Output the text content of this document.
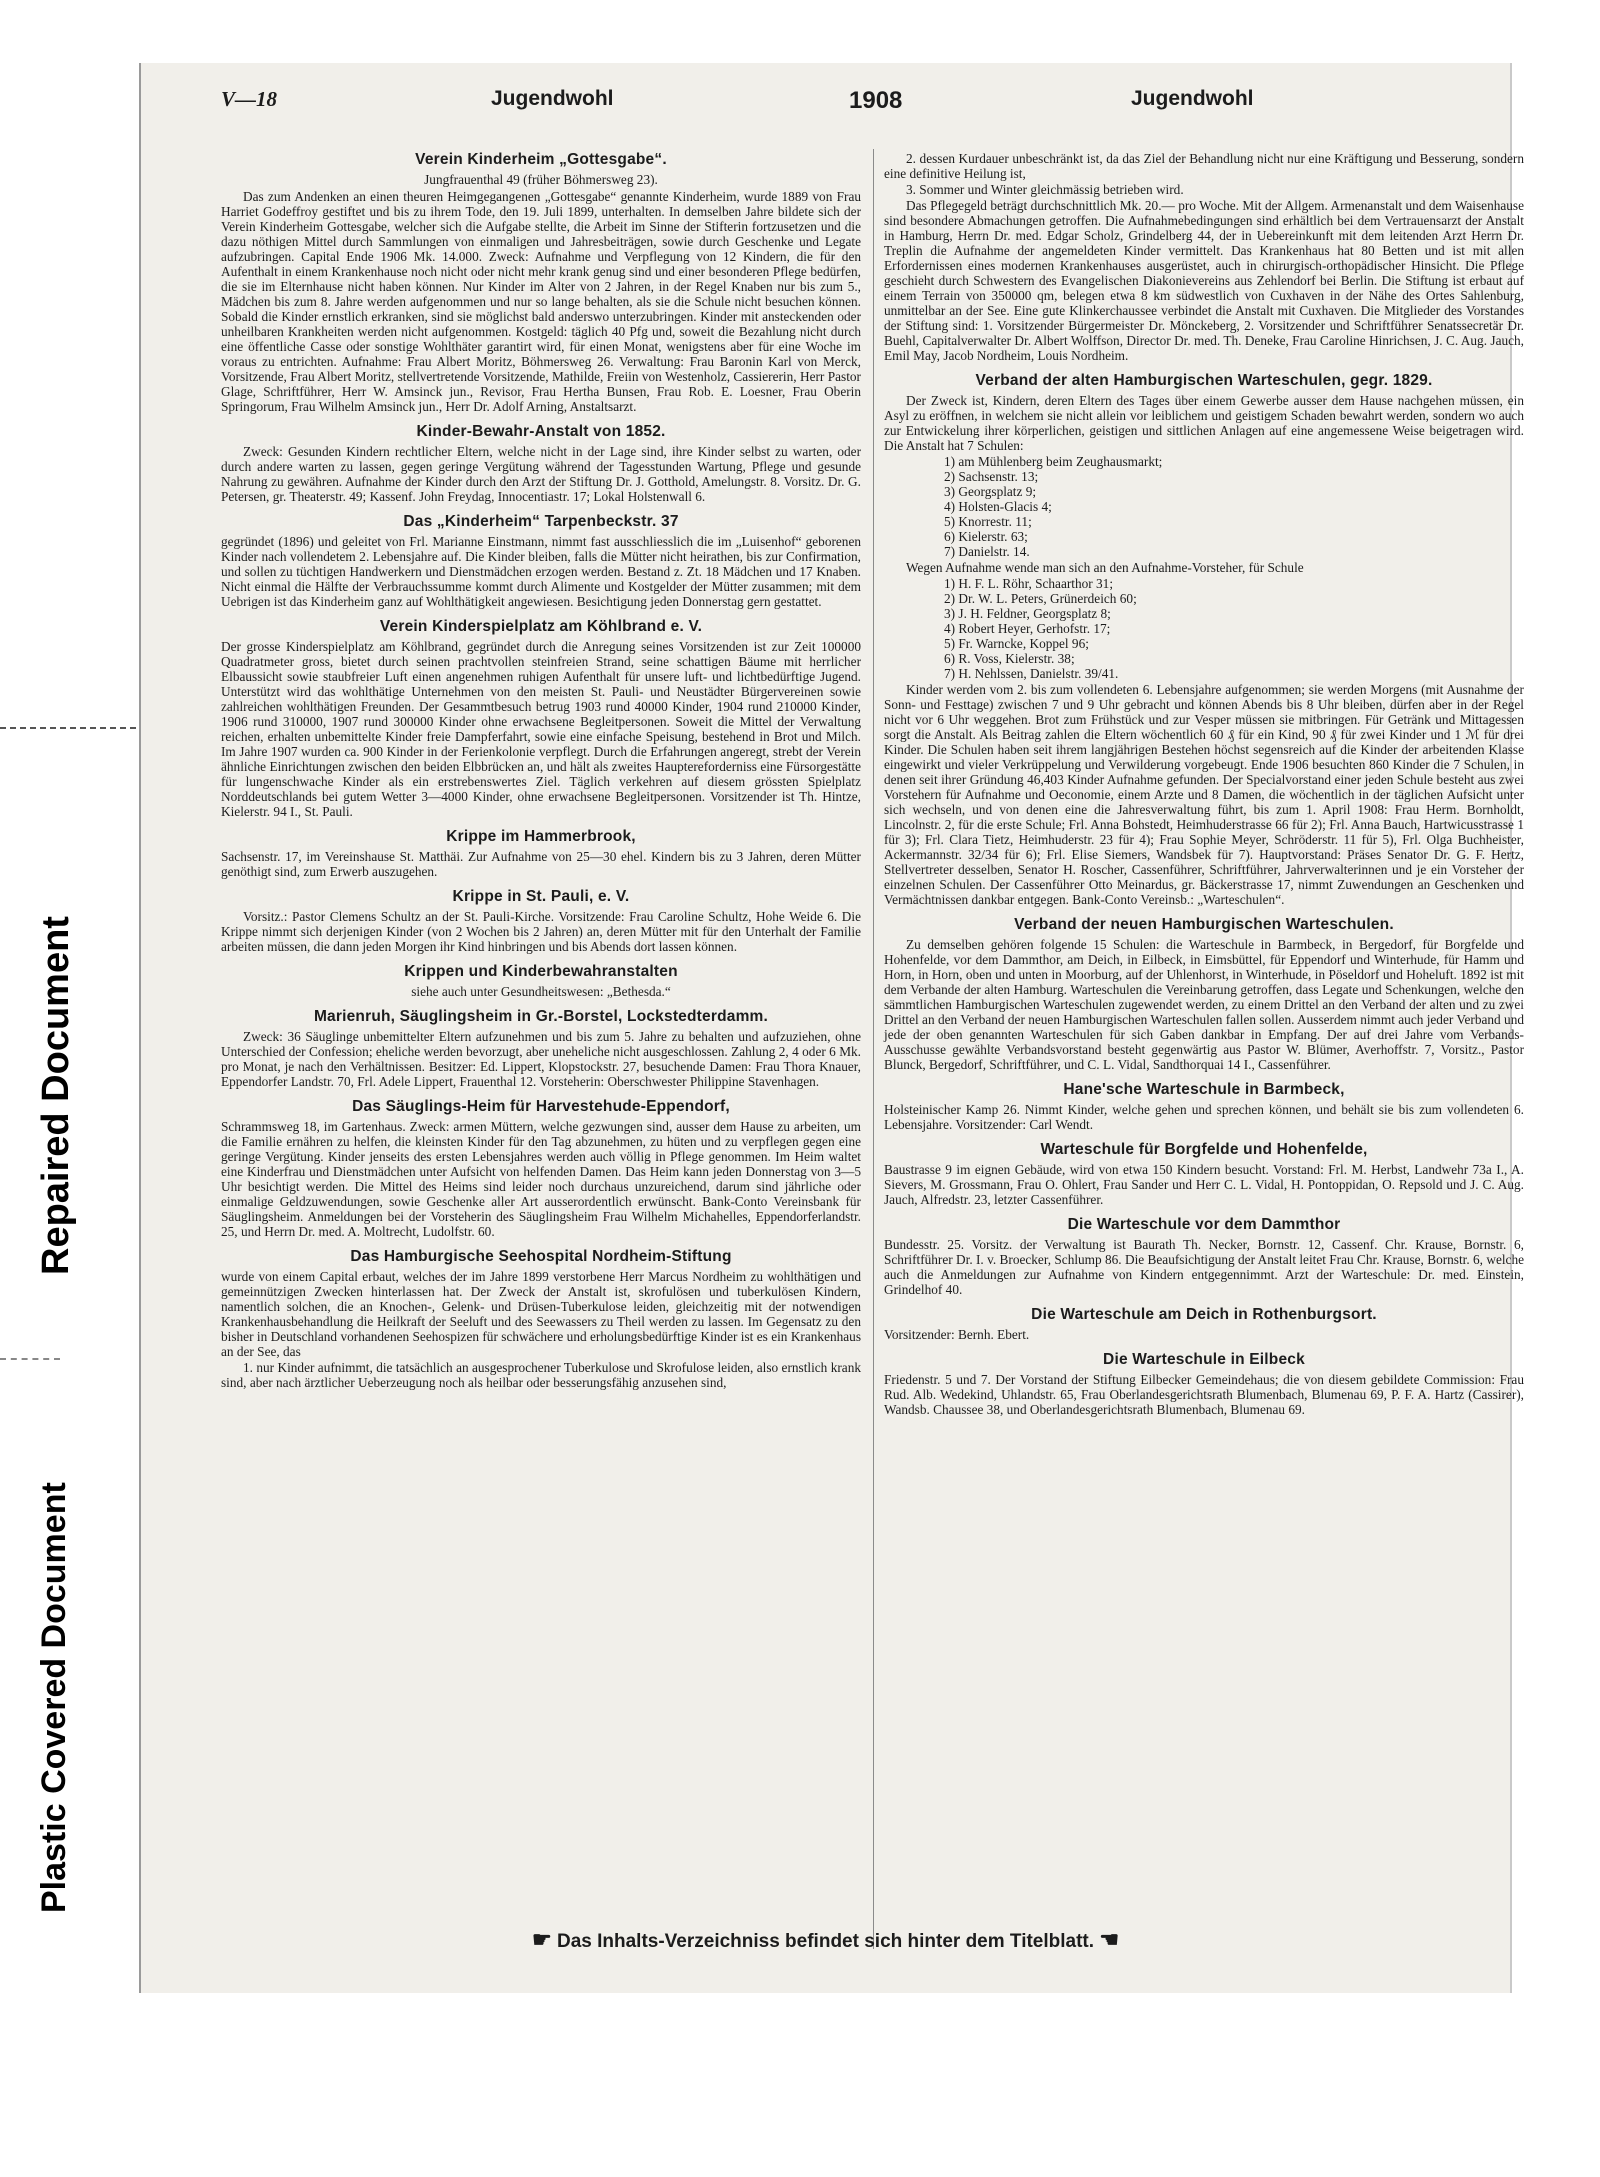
Repaired Document
Plastic Covered Document
V—18	Jugendwohl	1908	Jugendwohl
Verein Kinderheim „Gottesgabe“.
Jungfrauenthal 49 (früher Böhmersweg 23).

Das zum Andenken an einen theuren Heimgegangenen „Gottesgabe“ genannte Kinderheim, wurde 1889 von Frau Harriet Godeffroy gestiftet und bis zu ihrem Tode, den 19. Juli 1899, unterhalten. In demselben Jahre bildete sich der Verein Kinderheim Gottesgabe, welcher sich die Aufgabe stellte, die Arbeit im Sinne der Stifterin fortzusetzen und die dazu nöthigen Mittel durch Sammlungen von einmaligen und Jahresbeiträgen, sowie durch Geschenke und Legate aufzubringen. Capital Ende 1906 Mk. 14.000. Zweck: Aufnahme und Verpflegung von 12 Kindern, die für den Aufenthalt in einem Krankenhause noch nicht oder nicht mehr krank genug sind und einer besonderen Pflege bedürfen, die sie im Elternhause nicht haben können. Nur Kinder im Alter von 2 Jahren, in der Regel Knaben nur bis zum 5., Mädchen bis zum 8. Jahre werden aufgenommen und nur so lange behalten, als sie die Schule nicht besuchen können. Sobald die Kinder ernstlich erkranken, sind sie möglichst bald anderswo unterzubringen. Kinder mit ansteckenden oder unheilbaren Krankheiten werden nicht aufgenommen. Kostgeld: täglich 40 Pfg und, soweit die Bezahlung nicht durch eine öffentliche Casse oder sonstige Wohlthäter garantirt wird, für einen Monat, wenigstens aber für eine Woche im voraus zu entrichten. Aufnahme: Frau Albert Moritz, Böhmersweg 26. Verwaltung: Frau Baronin Karl von Merck, Vorsitzende, Frau Albert Moritz, stellvertretende Vorsitzende, Mathilde, Freiin von Westenholz, Cassiererin, Herr Pastor Glage, Schriftführer, Herr W. Amsinck jun., Revisor, Frau Hertha Bunsen, Frau Rob. E. Loesner, Frau Oberin Springorum, Frau Wilhelm Amsinck jun., Herr Dr. Adolf Arning, Anstaltsarzt.

Kinder-Bewahr-Anstalt von 1852.

Zweck: Gesunden Kindern rechtlicher Eltern, welche nicht in der Lage sind, ihre Kinder selbst zu warten, oder durch andere warten zu lassen, gegen geringe Vergütung während der Tagesstunden Wartung, Pflege und gesunde Nahrung zu gewähren. Aufnahme der Kinder durch den Arzt der Stiftung Dr. J. Gotthold, Amelungstr. 8. Vorsitz. Dr. G. Petersen, gr. Theaterstr. 49; Kassenf. John Freydag, Innocentiastr. 17; Lokal Holstenwall 6.

Das „Kinderheim“ Tarpenbeckstr. 37

gegründet (1896) und geleitet von Frl. Marianne Einstmann, nimmt fast ausschliesslich die im „Luisenhof“ geborenen Kinder nach vollendetem 2. Lebensjahre auf. Die Kinder bleiben, falls die Mütter nicht heirathen, bis zur Confirmation, und sollen zu tüchtigen Handwerkern und Dienstmädchen erzogen werden. Bestand z. Zt. 18 Mädchen und 17 Knaben. Nicht einmal die Hälfte der Verbrauchssumme kommt durch Alimente und Kostgelder der Mütter zusammen; mit dem Uebrigen ist das Kinderheim ganz auf Wohlthätigkeit angewiesen. Besichtigung jeden Donnerstag gern gestattet.

Verein Kinderspielplatz am Köhlbrand e. V.

Der grosse Kinderspielplatz am Köhlbrand, gegründet durch die Anregung seines Vorsitzenden ist zur Zeit 100000 Quadratmeter gross, bietet durch seinen prachtvollen steinfreien Strand, seine schattigen Bäume mit herrlicher Elbaussicht sowie staubfreier Luft einen angenehmen ruhigen Aufenthalt für unsere luft- und lichtbedürftige Jugend. Unterstützt wird das wohlthätige Unternehmen von den meisten St. Pauli- und Neustädter Bürgervereinen sowie zahlreichen wohlthätigen Freunden. Der Gesammtbesuch betrug 1903 rund 40000 Kinder, 1904 rund 210000 Kinder, 1906 rund 310000, 1907 rund 300000 Kinder ohne erwachsene Begleitpersonen. Soweit die Mittel der Verwaltung reichen, erhalten unbemittelte Kinder freie Dampferfahrt, sowie eine einfache Speisung, bestehend in Brot und Milch. Im Jahre 1907 wurden ca. 900 Kinder in der Ferienkolonie verpflegt. Durch die Erfahrungen angeregt, strebt der Verein ähnliche Einrichtungen zwischen den beiden Elbbrücken an, und hält als zweites Hauptereforderniss eine Fürsorgestätte für lungenschwache Kinder als ein erstrebenswertes Ziel. Täglich verkehren auf diesem grössten Spielplatz Norddeutschlands bei gutem Wetter 3—4000 Kinder, ohne erwachsene Begleitpersonen. Vorsitzender ist Th. Hintze, Kielerstr. 94 I., St. Pauli.

Krippe im Hammerbrook,

Sachsenstr. 17, im Vereinshause St. Matthäi. Zur Aufnahme von 25—30 ehel. Kindern bis zu 3 Jahren, deren Mütter genöthigt sind, zum Erwerb auszugehen.

Krippe in St. Pauli, e. V.

Vorsitz.: Pastor Clemens Schultz an der St. Pauli-Kirche. Vorsitzende: Frau Caroline Schultz, Hohe Weide 6. Die Krippe nimmt sich derjenigen Kinder (von 2 Wochen bis 2 Jahren) an, deren Mütter mit für den Unterhalt der Familie arbeiten müssen, die dann jeden Morgen ihr Kind hinbringen und bis Abends dort lassen können.

Krippen und Kinderbewahranstalten
siehe auch unter Gesundheitswesen: „Bethesda.“
Marienruh, Säuglingsheim in Gr.-Borstel, Lockstedterdamm.

Zweck: 36 Säuglinge unbemittelter Eltern aufzunehmen und bis zum 5. Jahre zu behalten und aufzuziehen, ohne Unterschied der Confession; eheliche werden bevorzugt, aber uneheliche nicht ausgeschlossen. Zahlung 2, 4 oder 6 Mk. pro Monat, je nach den Verhältnissen. Besitzer: Ed. Lippert, Klopstockstr. 27, besuchende Damen: Frau Thora Knauer, Eppendorfer Landstr. 70, Frl. Adele Lippert, Frauenthal 12. Vorsteherin: Oberschwester Philippine Stavenhagen.

Das Säuglings-Heim für Harvestehude-Eppendorf,

Schrammsweg 18, im Gartenhaus. Zweck: armen Müttern, welche gezwungen sind, ausser dem Hause zu arbeiten, um die Familie ernähren zu helfen, die kleinsten Kinder für den Tag abzunehmen, zu hüten und zu verpflegen gegen eine geringe Vergütung. Kinder jenseits des ersten Lebensjahres werden auch völlig in Pflege genommen. Im Heim waltet eine Kinderfrau und Dienstmädchen unter Aufsicht von helfenden Damen. Das Heim kann jeden Donnerstag von 3—5 Uhr besichtigt werden. Die Mittel des Heims sind leider noch durchaus unzureichend, darum sind jährliche oder einmalige Geldzuwendungen, sowie Geschenke aller Art ausserordentlich erwünscht. Bank-Conto Vereinsbank für Säuglingsheim. Anmeldungen bei der Vorsteherin des Säuglingsheim Frau Wilhelm Michahelles, Eppendorferlandstr. 25, und Herrn Dr. med. A. Moltrecht, Ludolfstr. 60.

Das Hamburgische Seehospital Nordheim-Stiftung

wurde von einem Capital erbaut, welches der im Jahre 1899 verstorbene Herr Marcus Nordheim zu wohlthätigen und gemeinnützigen Zwecken hinterlassen hat. Der Zweck der Anstalt ist, skrofulösen und tuberkulösen Kindern, namentlich solchen, die an Knochen-, Gelenk- und Drüsen-Tuberkulose leiden, gleichzeitig mit der notwendigen Krankenhausbehandlung die Heilkraft der Seeluft und des Seewassers zu Theil werden zu lassen. Im Gegensatz zu den bisher in Deutschland vorhandenen Seehospizen für schwächere und erholungsbedürftige Kinder ist es ein Krankenhaus an der See, das

1. nur Kinder aufnimmt, die tatsächlich an ausgesprochener Tuberkulose und Skrofulose leiden, also ernstlich krank sind, aber nach ärztlicher Ueberzeugung noch als heilbar oder besserungsfähig anzusehen sind,

2. dessen Kurdauer unbeschränkt ist, da das Ziel der Behandlung nicht nur eine Kräftigung und Besserung, sondern eine definitive Heilung ist,

3. Sommer und Winter gleichmässig betrieben wird.

Das Pflegegeld beträgt durchschnittlich Mk. 20.— pro Woche. Mit der Allgem. Armenanstalt und dem Waisenhause sind besondere Abmachungen getroffen. Die Aufnahmebedingungen sind erhältlich bei dem Vertrauensarzt der Anstalt in Hamburg, Herrn Dr. med. Edgar Scholz, Grindelberg 44, der in Uebereinkunft mit dem leitenden Arzt Herrn Dr. Treplin die Aufnahme der angemeldeten Kinder vermittelt. Das Krankenhaus hat 80 Betten und ist mit allen Erfordernissen eines modernen Krankenhauses ausgerüstet, auch in chirurgisch-orthopädischer Hinsicht. Die Pflege geschieht durch Schwestern des Evangelischen Diakonievereins aus Zehlendorf bei Berlin. Die Stiftung ist erbaut auf einem Terrain von 350000 qm, belegen etwa 8 km südwestlich von Cuxhaven in der Nähe des Ortes Sahlenburg, unmittelbar an der See. Eine gute Klinkerchaussee verbindet die Anstalt mit Cuxhaven. Die Mitglieder des Vorstandes der Stiftung sind: 1. Vorsitzender Bürgermeister Dr. Mönckeberg, 2. Vorsitzender und Schriftführer Senatssecretär Dr. Buehl, Capitalverwalter Dr. Albert Wolffson, Director Dr. med. Th. Deneke, Frau Caroline Hinrichsen, J. C. Aug. Jauch, Emil May, Jacob Nordheim, Louis Nordheim.

Verband der alten Hamburgischen Warteschulen, gegr. 1829.

Der Zweck ist, Kindern, deren Eltern des Tages über einem Gewerbe ausser dem Hause nachgehen müssen, ein Asyl zu eröffnen, in welchem sie nicht allein vor leiblichem und geistigem Schaden bewahrt werden, sondern wo auch zur Entwickelung ihrer körperlichen, geistigen und sittlichen Anlagen auf eine angemessene Weise beigetragen wird. Die Anstalt hat 7 Schulen:

1) am Mühlenberg beim Zeughausmarkt;
2) Sachsenstr. 13;
3) Georgsplatz 9;
4) Holsten-Glacis 4;
5) Knorrestr. 11;
6) Kielerstr. 63;
7) Danielstr. 14.

Wegen Aufnahme wende man sich an den Aufnahme-Vorsteher, für Schule

1) H. F. L. Röhr, Schaarthor 31;
2) Dr. W. L. Peters, Grünerdeich 60;
3) J. H. Feldner, Georgsplatz 8;
4) Robert Heyer, Gerhofstr. 17;
5) Fr. Warncke, Koppel 96;
6) R. Voss, Kielerstr. 38;
7) H. Nehlssen, Danielstr. 39/41.

Kinder werden vom 2. bis zum vollendeten 6. Lebensjahre aufgenommen; sie werden Morgens (mit Ausnahme der Sonn- und Festtage) zwischen 7 und 9 Uhr gebracht und können Abends bis 8 Uhr bleiben, dürfen aber in der Regel nicht vor 6 Uhr weggehen. Brot zum Frühstück und zur Vesper müssen sie mitbringen. Für Getränk und Mittagessen sorgt die Anstalt. Als Beitrag zahlen die Eltern wöchentlich 60 ₰ für ein Kind, 90 ₰ für zwei Kinder und 1 ℳ für drei Kinder. Die Schulen haben seit ihrem langjährigen Bestehen höchst segensreich auf die Kinder der arbeitenden Klasse eingewirkt und vieler Verkrüppelung und Verwilderung vorgebeugt. Ende 1906 besuchten 860 Kinder die 7 Schulen, in denen seit ihrer Gründung 46,403 Kinder Aufnahme gefunden. Der Specialvorstand einer jeden Schule besteht aus zwei Vorstehern für Aufnahme und Oeconomie, einem Arzte und 8 Damen, die wöchentlich in der täglichen Aufsicht unter sich wechseln, und von denen eine die Jahresverwaltung führt, bis zum 1. April 1908: Frau Herm. Bornholdt, Lincolnstr. 2, für die erste Schule; Frl. Anna Bohstedt, Heimhuderstrasse 66 für 2); Frl. Anna Bauch, Hartwicusstrasse 1 für 3); Frl. Clara Tietz, Heimhuderstr. 23 für 4); Frau Sophie Meyer, Schröderstr. 11 für 5), Frl. Olga Buchheister, Ackermannstr. 32/34 für 6); Frl. Elise Siemers, Wandsbek für 7). Hauptvorstand: Präses Senator Dr. G. F. Hertz, Stellvertreter desselben, Senator H. Roscher, Cassenführer, Schriftführer, Jahrverwalterinnen und je ein Vorsteher der einzelnen Schulen. Der Cassenführer Otto Meinardus, gr. Bäckerstrasse 17, nimmt Zuwendungen an Geschenken und Vermächtnissen dankbar entgegen. Bank-Conto Vereinsb.: „Warteschulen“.

Verband der neuen Hamburgischen Warteschulen.

Zu demselben gehören folgende 15 Schulen: die Warteschule in Barmbeck, in Bergedorf, für Borgfelde und Hohenfelde, vor dem Dammthor, am Deich, in Eilbeck, in Eimsbüttel, für Eppendorf und Winterhude, für Hamm und Horn, in Horn, oben und unten in Moorburg, auf der Uhlenhorst, in Winterhude, in Pöseldorf und Hoheluft. 1892 ist mit dem Verbande der alten Hamburg. Warteschulen die Vereinbarung getroffen, dass Legate und Schenkungen, welche den sämmtlichen Hamburgischen Warteschulen zugewendet werden, zu einem Drittel an den Verband der alten und zu zwei Drittel an den Verband der neuen Hamburgischen Warteschulen fallen sollen. Ausserdem nimmt auch jeder Verband und jede der oben genannten Warteschulen für sich Gaben dankbar in Empfang. Der auf drei Jahre vom Verbands-Ausschusse gewählte Verbandsvorstand besteht gegenwärtig aus Pastor W. Blümer, Averhoffstr. 7, Vorsitz., Pastor Blunck, Bergedorf, Schriftführer, und C. L. Vidal, Sandthorquai 14 I., Cassenführer.

Hane'sche Warteschule in Barmbeck,

Holsteinischer Kamp 26. Nimmt Kinder, welche gehen und sprechen können, und behält sie bis zum vollendeten 6. Lebensjahre. Vorsitzender: Carl Wendt.

Warteschule für Borgfelde und Hohenfelde,

Baustrasse 9 im eignen Gebäude, wird von etwa 150 Kindern besucht. Vorstand: Frl. M. Herbst, Landwehr 73a I., A. Sievers, M. Grossmann, Frau O. Ohlert, Frau Sander und Herr C. L. Vidal, H. Pontoppidan, O. Repsold und J. C. Aug. Jauch, Alfredstr. 23, letzter Cassenführer.

Die Warteschule vor dem Dammthor

Bundesstr. 25. Vorsitz. der Verwaltung ist Baurath Th. Necker, Bornstr. 12, Cassenf. Chr. Krause, Bornstr. 6, Schriftführer Dr. I. v. Broecker, Schlump 86. Die Beaufsichtigung der Anstalt leitet Frau Chr. Krause, Bornstr. 6, welche auch die Anmeldungen zur Aufnahme von Kindern entgegennimmt. Arzt der Warteschule: Dr. med. Einstein, Grindelhof 40.

Die Warteschule am Deich in Rothenburgsort.

Vorsitzender: Bernh. Ebert.

Die Warteschule in Eilbeck

Friedenstr. 5 und 7. Der Vorstand der Stiftung Eilbecker Gemeindehaus; die von diesem gebildete Commission: Frau Rud. Alb. Wedekind, Uhlandstr. 65, Frau Oberlandesgerichtsrath Blumenbach, Blumenau 69, P. F. A. Hartz (Cassirer), Wandsb. Chaussee 38, und Oberlandesgerichtsrath Blumenbach, Blumenau 69.

☛ Das Inhalts-Verzeichniss befindet sich hinter dem Titelblatt. ☚
